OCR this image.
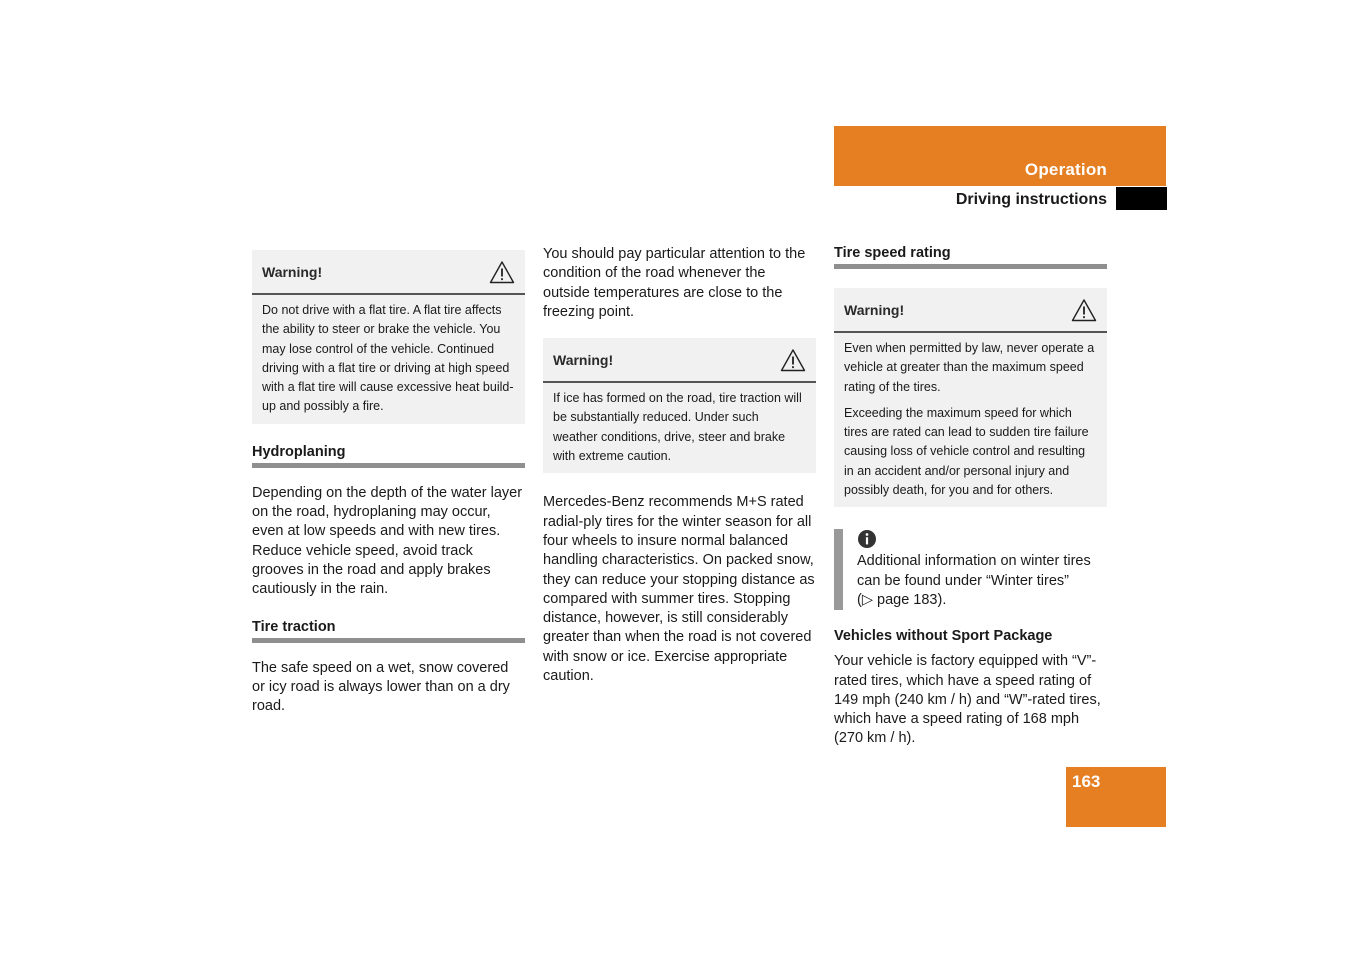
Operation
Driving instructions
Warning!

Do not drive with a flat tire. A flat tire affects the ability to steer or brake the vehicle. You may lose control of the vehicle. Continued driving with a flat tire or driving at high speed with a flat tire will cause excessive heat build-up and possibly a fire.

Hydroplaning

Depending on the depth of the water layer on the road, hydroplaning may occur, even at low speeds and with new tires. Reduce vehicle speed, avoid track grooves in the road and apply brakes cautiously in the rain.

Tire traction

The safe speed on a wet, snow covered or icy road is always lower than on a dry road.

You should pay particular attention to the condition of the road whenever the outside temperatures are close to the freezing point.

Warning!

If ice has formed on the road, tire traction will be substantially reduced. Under such weather conditions, drive, steer and brake with extreme caution.

Mercedes-Benz recommends M+S rated radial-ply tires for the winter season for all four wheels to insure normal balanced handling characteristics. On packed snow, they can reduce your stopping distance as compared with summer tires. Stopping distance, however, is still considerably greater than when the road is not covered with snow or ice. Exercise appropriate caution.

Tire speed rating
Warning!

Even when permitted by law, never operate a vehicle at greater than the maximum speed rating of the tires.

Exceeding the maximum speed for which tires are rated can lead to sudden tire failure causing loss of vehicle control and resulting in an accident and/or personal injury and possibly death, for you and for others.

Additional information on winter tires can be found under “Winter tires”

(▷ page 183).

Vehicles without Sport Package

Your vehicle is factory equipped with “V”-rated tires, which have a speed rating of 149 mph (240 km / h) and “W”-rated tires, which have a speed rating of 168 mph (270 km / h).

163
